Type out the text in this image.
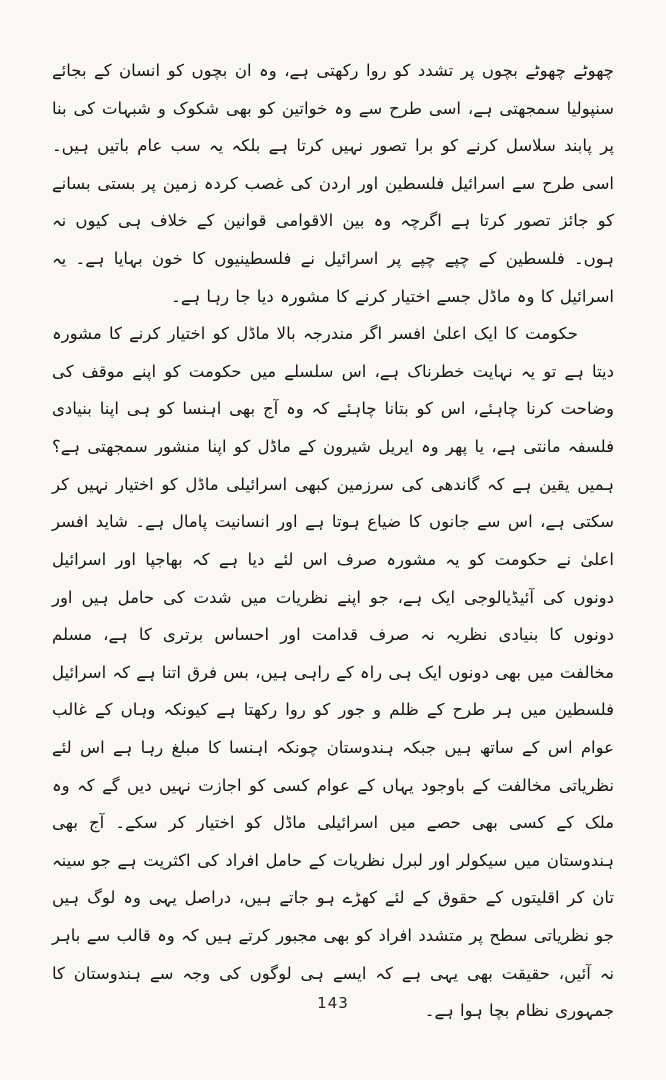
چھوٹے چھوٹے بچوں پر تشدد کو روا رکھتی ہے، وہ ان بچوں کو انسان کے بجائے سنپولیا سمجھتی ہے، اسی طرح سے وہ خواتین کو بھی شکوک و شبہات کی بنا پر پابند سلاسل کرنے کو برا تصور نہیں کرتا ہے بلکہ یہ سب عام باتیں ہیں۔ اسی طرح سے اسرائیل فلسطین اور اردن کی غصب کردہ زمین پر بستی بسانے کو جائز تصور کرتا ہے اگرچہ وہ بین الاقوامی قوانین کے خلاف ہی کیوں نہ ہوں۔ فلسطین کے چپے چپے پر اسرائیل نے فلسطینیوں کا خون بہایا ہے۔ یہ اسرائیل کا وہ ماڈل جسے اختیار کرنے کا مشورہ دیا جا رہا ہے۔

حکومت کا ایک اعلیٰ افسر اگر مندرجہ بالا ماڈل کو اختیار کرنے کا مشورہ دیتا ہے تو یہ نہایت خطرناک ہے، اس سلسلے میں حکومت کو اپنے موقف کی وضاحت کرنا چاہئے، اس کو بتانا چاہئے کہ وہ آج بھی اہنسا کو ہی اپنا بنیادی فلسفہ مانتی ہے، یا پھر وہ ایریل شیرون کے ماڈل کو اپنا منشور سمجھتی ہے؟ ہمیں یقین ہے کہ گاندھی کی سرزمین کبھی اسرائیلی ماڈل کو اختیار نہیں کر سکتی ہے، اس سے جانوں کا ضیاع ہوتا ہے اور انسانیت پامال ہے۔ شاید افسر اعلیٰ نے حکومت کو یہ مشورہ صرف اس لئے دیا ہے کہ بھاجپا اور اسرائیل دونوں کی آئیڈیالوجی ایک ہے، جو اپنے نظریات میں شدت کی حامل ہیں اور دونوں کا بنیادی نظریہ نہ صرف قدامت اور احساس برتری کا ہے، مسلم مخالفت میں بھی دونوں ایک ہی راہ کے راہی ہیں، بس فرق اتنا ہے کہ اسرائیل فلسطین میں ہر طرح کے ظلم و جور کو روا رکھتا ہے کیونکہ وہاں کے غالب عوام اس کے ساتھ ہیں جبکہ ہندوستان چونکہ اہنسا کا مبلغ رہا ہے اس لئے نظریاتی مخالفت کے باوجود یہاں کے عوام کسی کو اجازت نہیں دیں گے کہ وہ ملک کے کسی بھی حصے میں اسرائیلی ماڈل کو اختیار کر سکے۔ آج بھی ہندوستان میں سیکولر اور لبرل نظریات کے حامل افراد کی اکثریت ہے جو سینہ تان کر اقلیتوں کے حقوق کے لئے کھڑے ہو جاتے ہیں، دراصل یہی وہ لوگ ہیں جو نظریاتی سطح پر متشدد افراد کو بھی مجبور کرتے ہیں کہ وہ قالب سے باہر نہ آئیں، حقیقت بھی یہی ہے کہ ایسے ہی لوگوں کی وجہ سے ہندوستان کا جمہوری نظام بچا ہوا ہے۔

143
